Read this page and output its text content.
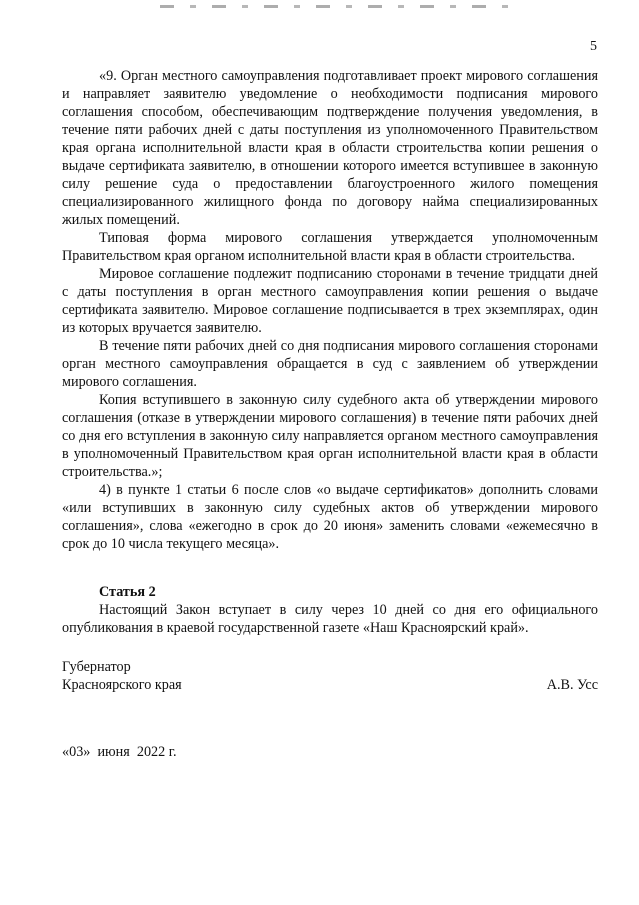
5

«9. Орган местного самоуправления подготавливает проект мирового соглашения и направляет заявителю уведомление о необходимости подписания мирового соглашения способом, обеспечивающим подтверждение получения уведомления, в течение пяти рабочих дней с даты поступления из уполномоченного Правительством края органа исполнительной власти края в области строительства копии решения о выдаче сертификата заявителю, в отношении которого имеется вступившее в законную силу решение суда о предоставлении благоустроенного жилого помещения специализированного жилищного фонда по договору найма специализированных жилых помещений.

Типовая форма мирового соглашения утверждается уполномоченным Правительством края органом исполнительной власти края в области строительства.

Мировое соглашение подлежит подписанию сторонами в течение тридцати дней с даты поступления в орган местного самоуправления копии решения о выдаче сертификата заявителю. Мировое соглашение подписывается в трех экземплярах, один из которых вручается заявителю.

В течение пяти рабочих дней со дня подписания мирового соглашения сторонами орган местного самоуправления обращается в суд с заявлением об утверждении мирового соглашения.

Копия вступившего в законную силу судебного акта об утверждении мирового соглашения (отказе в утверждении мирового соглашения) в течение пяти рабочих дней со дня его вступления в законную силу направляется органом местного самоуправления в уполномоченный Правительством края орган исполнительной власти края в области строительства.»;

4) в пункте 1 статьи 6 после слов «о выдаче сертификатов» дополнить словами «или вступивших в законную силу судебных актов об утверждении мирового соглашения», слова «ежегодно в срок до 20 июня» заменить словами «ежемесячно в срок до 10 числа текущего месяца».

Статья 2

Настоящий Закон вступает в силу через 10 дней со дня его официального опубликования в краевой государственной газете «Наш Красноярский край».

Губернатор
Красноярского края	А.В. Усс
«03»  июня  2022 г.
